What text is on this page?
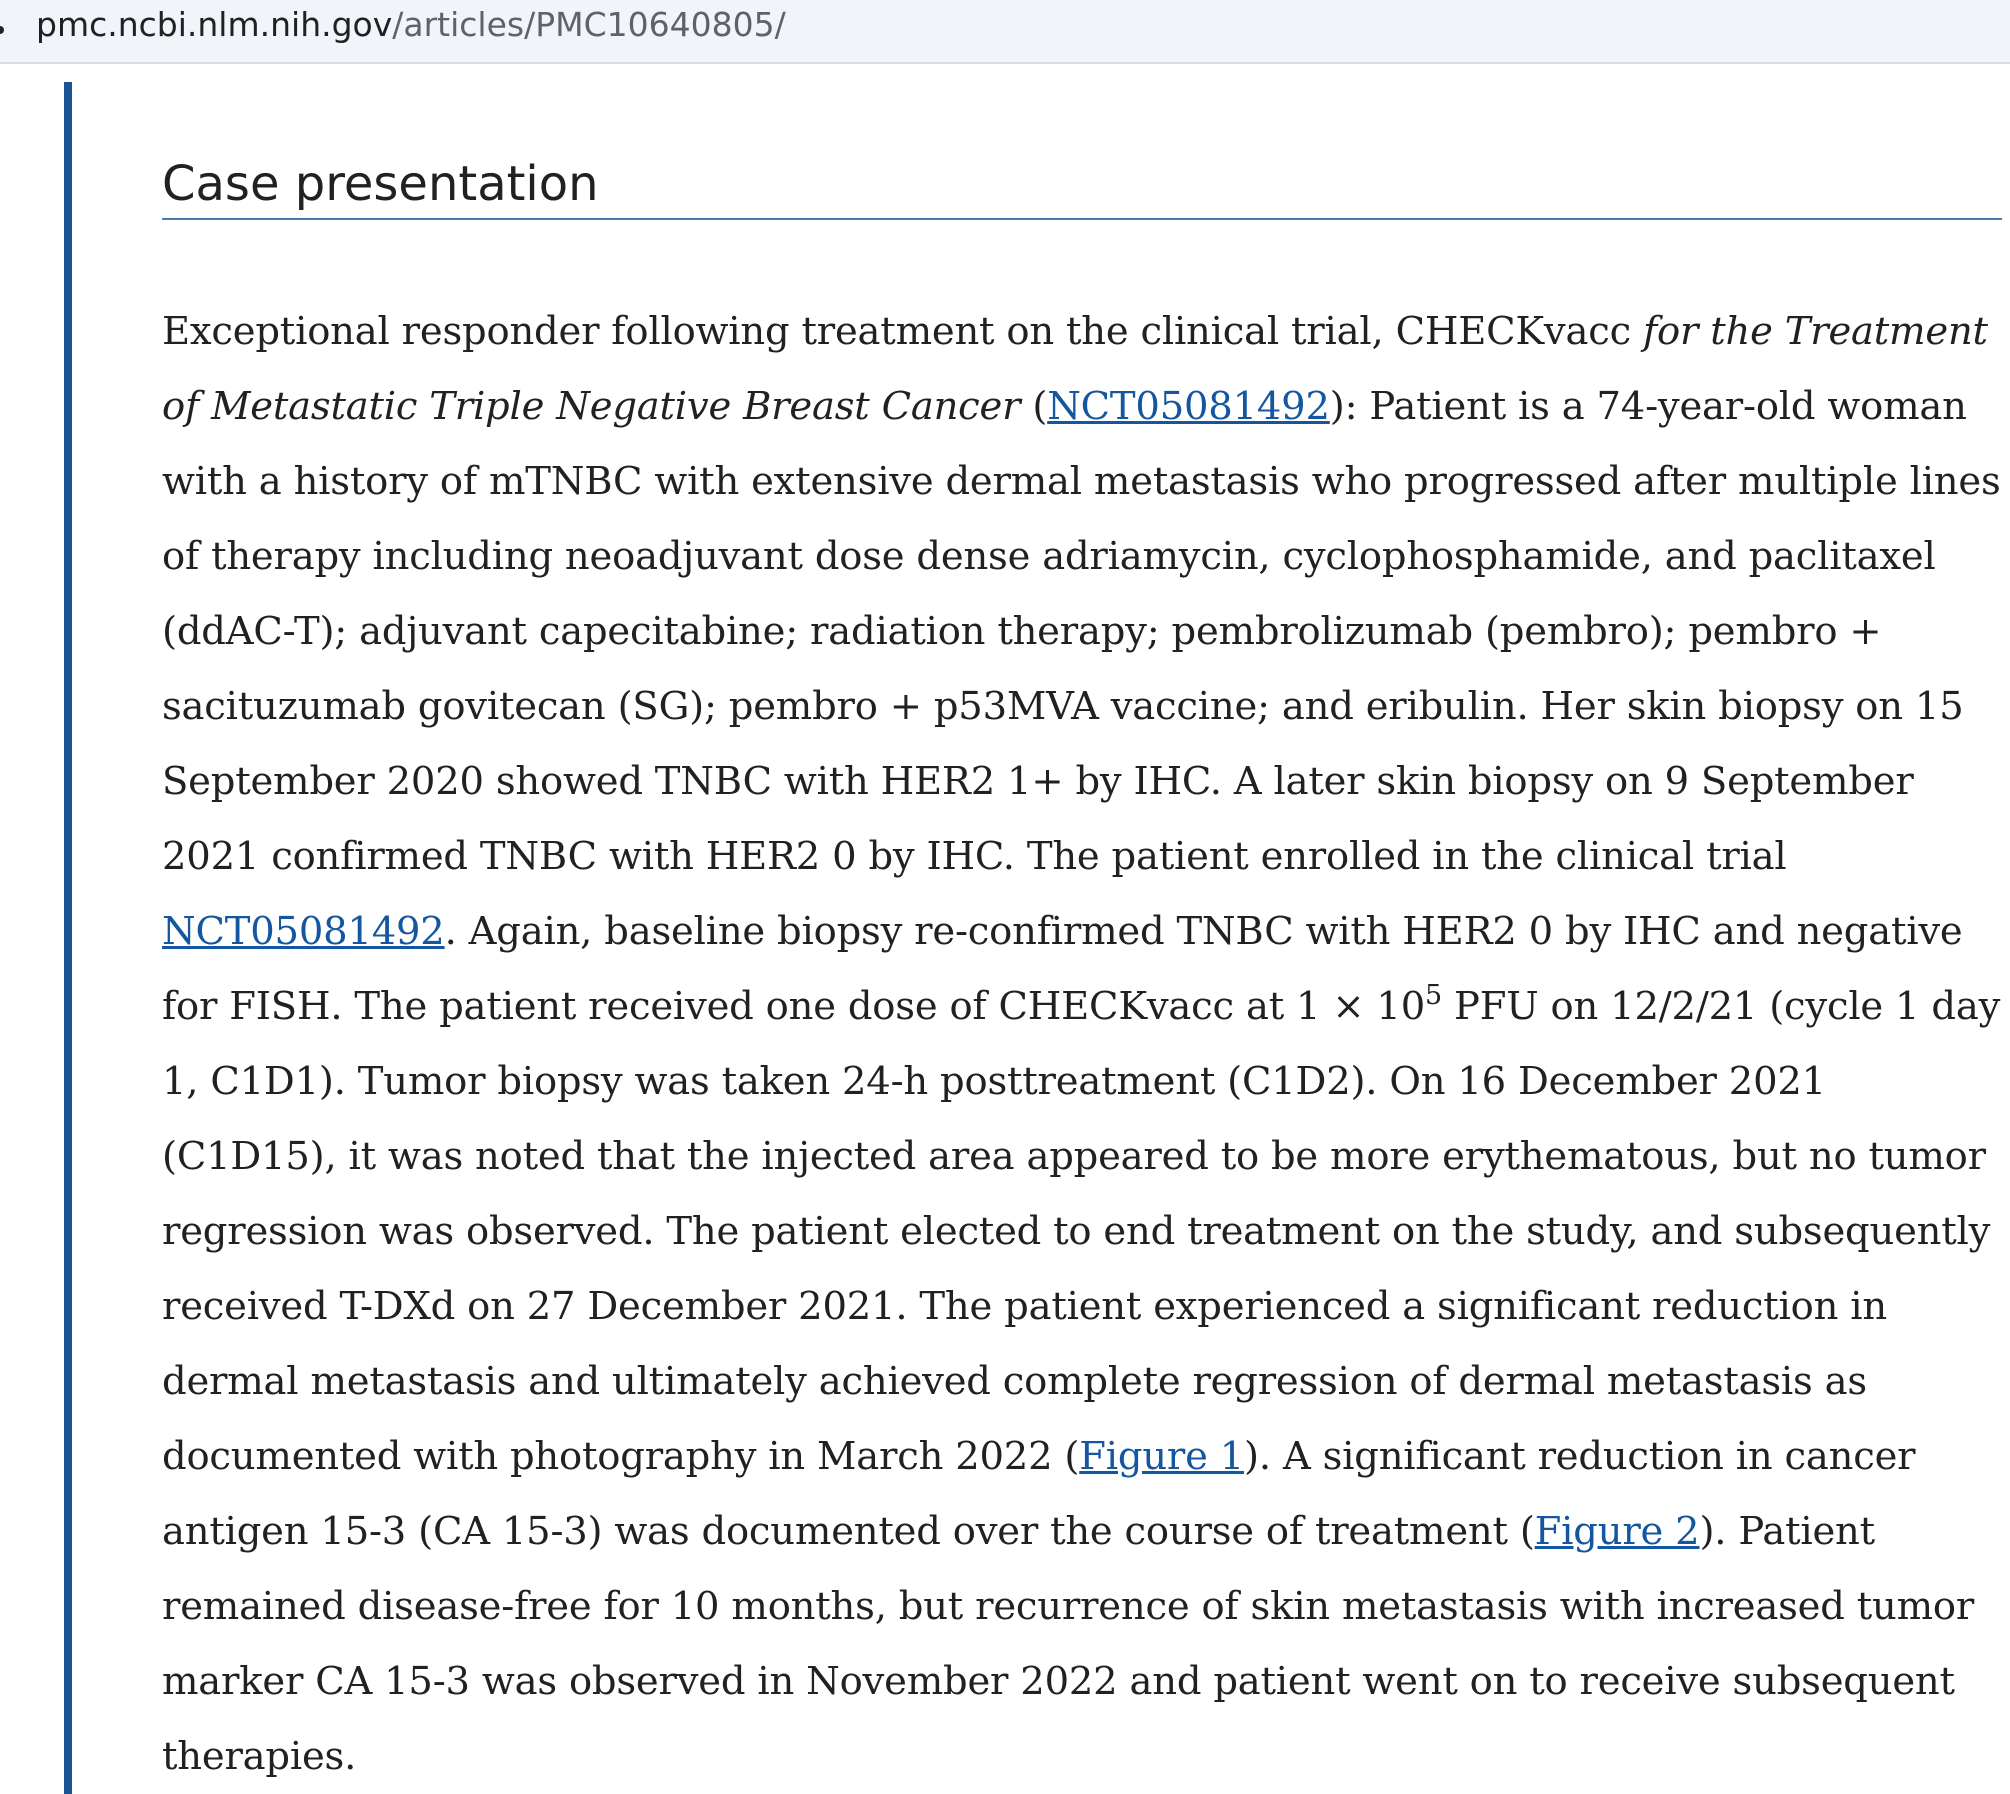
pmc.ncbi.nlm.nih.gov/articles/PMC10640805/
Case presentation

Exceptional responder following treatment on the clinical trial, CHECKvacc for the Treatment of Metastatic Triple Negative Breast Cancer (NCT05081492): Patient is a 74-year-old woman with a history of mTNBC with extensive dermal metastasis who progressed after multiple lines of therapy including neoadjuvant dose dense adriamycin, cyclophosphamide, and paclitaxel (ddAC-T); adjuvant capecitabine; radiation therapy; pembrolizumab (pembro); pembro + sacituzumab govitecan (SG); pembro + p53MVA vaccine; and eribulin. Her skin biopsy on 15 September 2020 showed TNBC with HER2 1+ by IHC. A later skin biopsy on 9 September 2021 confirmed TNBC with HER2 0 by IHC. The patient enrolled in the clinical trial NCT05081492. Again, baseline biopsy re-confirmed TNBC with HER2 0 by IHC and negative for FISH. The patient received one dose of CHECKvacc at $1 \times 10^5$ PFU on 12/2/21 (cycle 1 day 1, C1D1). Tumor biopsy was taken 24-h posttreatment (C1D2). On 16 December 2021 (C1D15), it was noted that the injected area appeared to be more erythematous, but no tumor regression was observed. The patient elected to end treatment on the study, and subsequently received T-DXd on 27 December 2021. The patient experienced a significant reduction in dermal metastasis and ultimately achieved complete regression of dermal metastasis as documented with photography in March 2022 (Figure 1). A significant reduction in cancer antigen 15-3 (CA 15-3) was documented over the course of treatment (Figure 2). Patient remained disease-free for 10 months, but recurrence of skin metastasis with increased tumor marker CA 15-3 was observed in November 2022 and patient went on to receive subsequent therapies.
